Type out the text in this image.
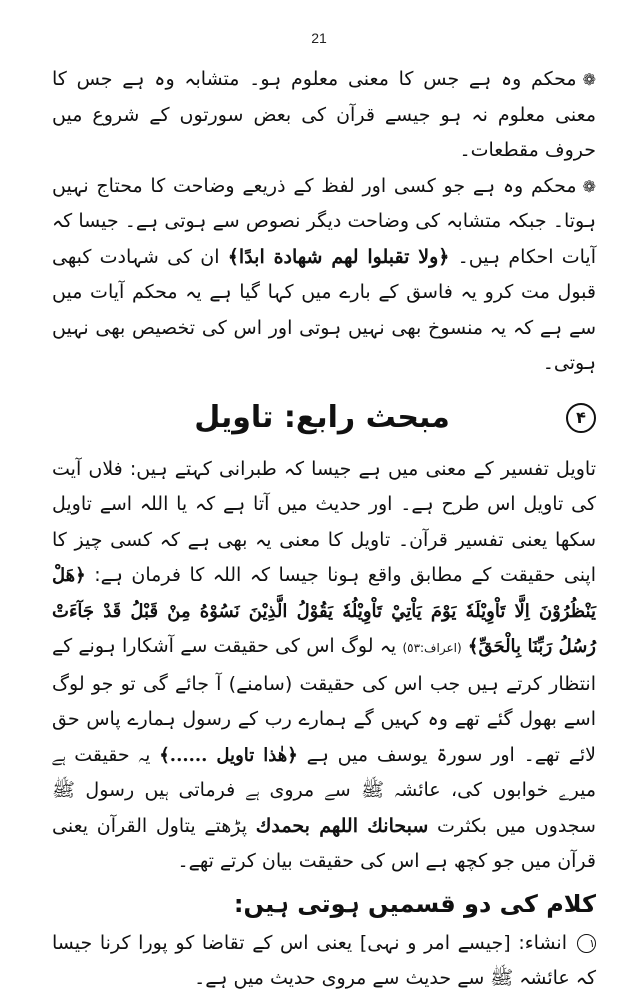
21

❁محکم وہ ہے جس کا معنی معلوم ہو۔ متشابہ وہ ہے جس کا معنی معلوم نہ ہو جیسے قرآن کی بعض سورتوں کے شروع میں حروف مقطعات۔

❁محکم وہ ہے جو کسی اور لفظ کے ذریعے وضاحت کا محتاج نہیں ہوتا۔ جبکہ متشابہ کی وضاحت دیگر نصوص سے ہوتی ہے۔ جیسا کہ آیات احکام ہیں۔ ﴿ولا تقبلوا لهم شهادة ابدًا﴾ ان کی شہادت کبھی قبول مت کرو یہ فاسق کے بارے میں کہا گیا ہے یہ محکم آیات میں سے ہے کہ یہ منسوخ بھی نہیں ہوتی اور اس کی تخصیص بھی نہیں ہوتی۔

۴
مبحث رابع: تاویل

تاویل تفسیر کے معنی میں ہے جیسا کہ طبرانی کہتے ہیں: فلاں آیت کی تاویل اس طرح ہے۔ اور حدیث میں آتا ہے کہ یا اللہ اسے تاویل سکھا یعنی تفسیر قرآن۔ تاویل کا معنی یہ بھی ہے کہ کسی چیز کا اپنی حقیقت کے مطابق واقع ہونا جیسا کہ اللہ کا فرمان ہے: ﴿هَلْ يَنْظُرُوْنَ اِلَّا تَاْوِيْلَهٗ يَوْمَ يَاْتِيْ تَاْوِيْلُهٗ يَقُوْلُ الَّذِيْنَ نَسُوْهُ مِنْ قَبْلُ قَدْ جَآءَتْ رُسُلُ رَبِّنَا بِالْحَقِّ﴾ (اعراف:٥٣) یہ لوگ اس کی حقیقت سے آشکارا ہونے کے انتظار کرتے ہیں جب اس کی حقیقت (سامنے) آ جائے گی تو جو لوگ اسے بھول گئے تھے وہ کہیں گے ہمارے رب کے رسول ہمارے پاس حق لائے تھے۔ اور سورۃ یوسف میں ہے ﴿هٰذا تاويل ......﴾ یہ حقیقت ہے میرے خوابوں کی، عائشہ ﷺ سے مروی ہے فرماتی ہیں رسول ﷺ سجدوں میں بکثرت سبحانك اللهم بحمدك پڑھتے یتاول القرآن یعنی قرآن میں جو کچھ ہے اس کی حقیقت بیان کرتے تھے۔

کلام کی دو قسمیں ہوتی ہیں:

١انشاء: [جیسے امر و نہی] یعنی اس کے تقاضا کو پورا کرنا جیسا کہ عائشہ ﷺ سے حدیث سے مروی حدیث میں ہے۔
